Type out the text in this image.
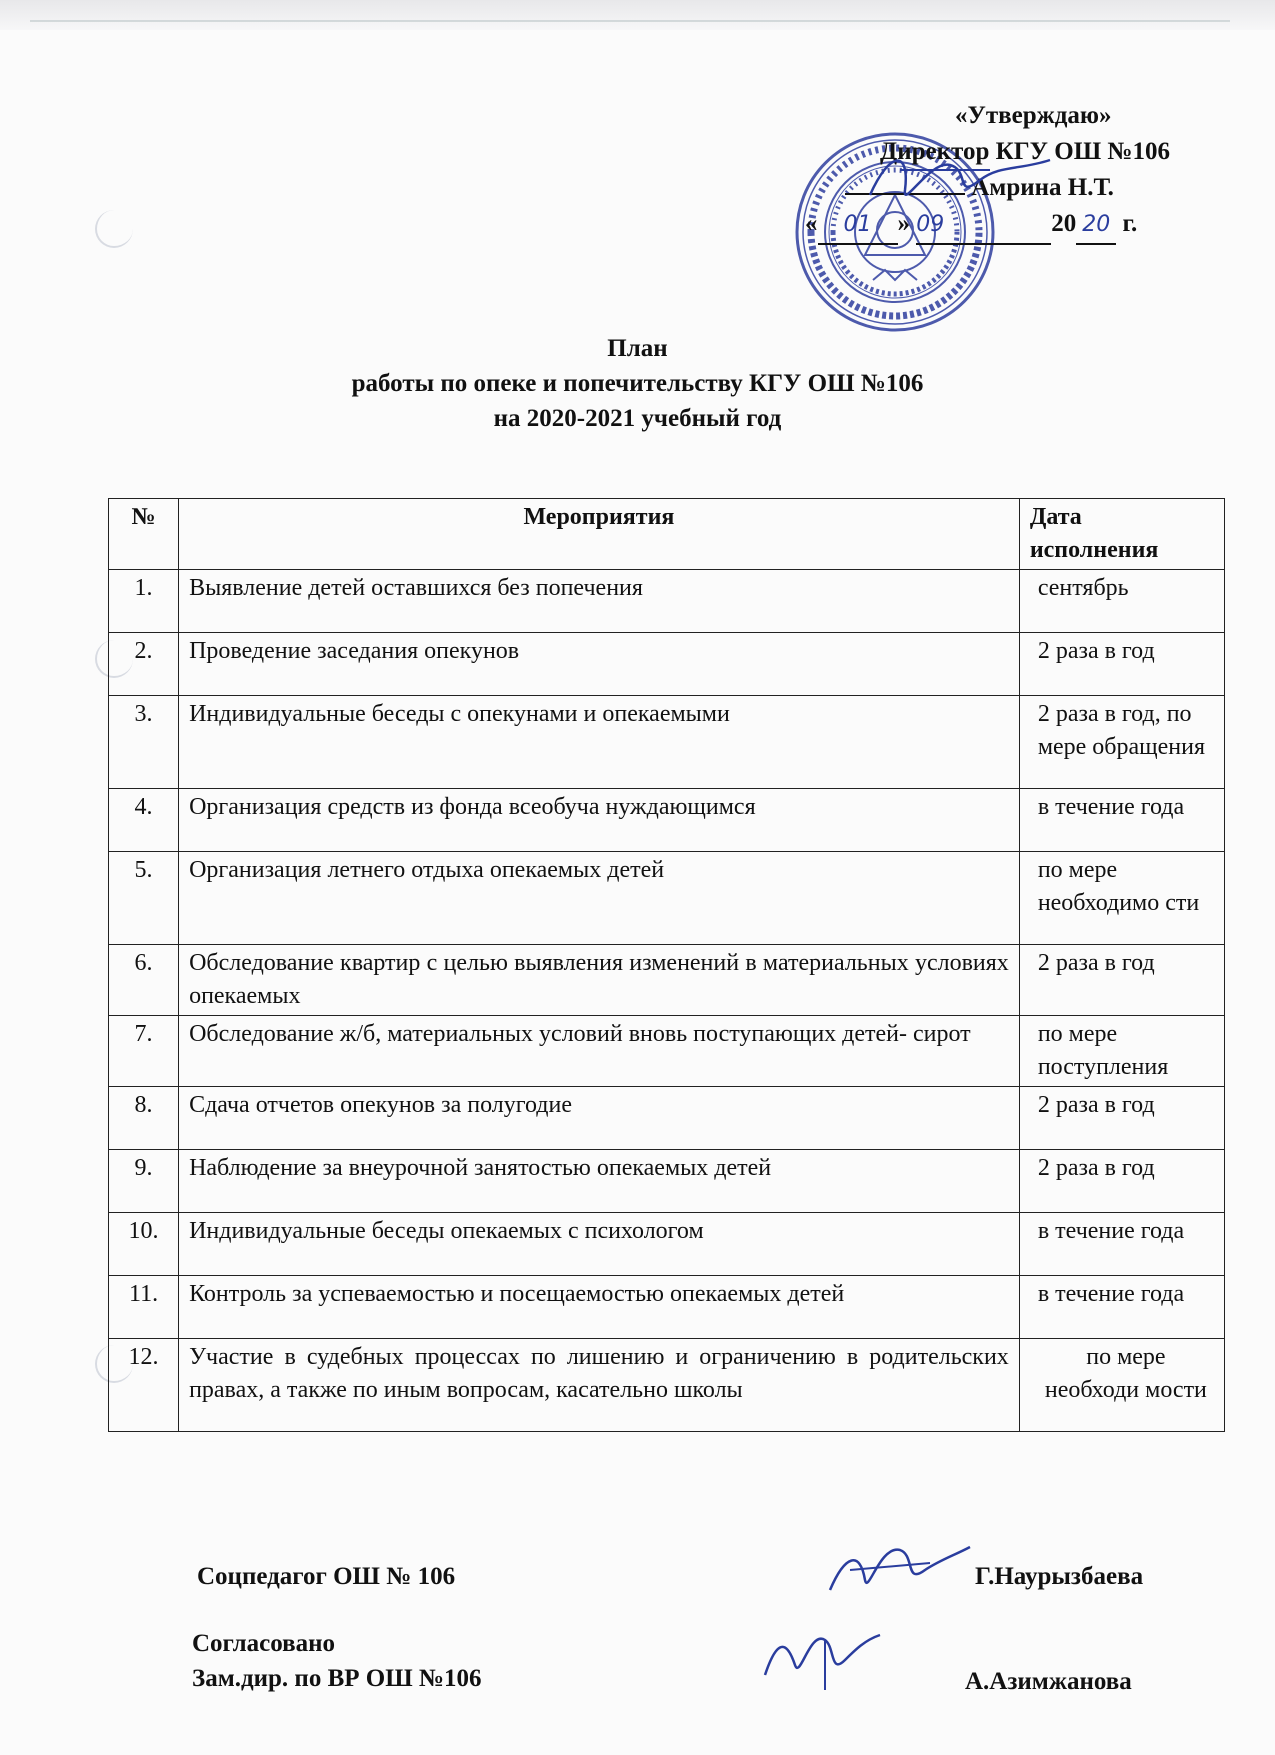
«Утверждаю»
Директор КГУ ОШ №106
Амрина Н.Т.
« 01 » 09	20 20 г.
План
работы по опеке и попечительству КГУ ОШ №106
на 2020-2021 учебный год
№	Мероприятия	Дата исполнения
1.	Выявление детей оставшихся без попечения	сентябрь
2.	Проведение заседания опекунов	2 раза в год
3.	Индивидуальные беседы с опекунами и опекаемыми	2 раза в год, по мере обращения
4.	Организация средств из фонда всеобуча нуждающимся	в течение года
5.	Организация летнего отдыха опекаемых детей	по мере необходимо сти
6.	Обследование квартир с целью выявления изменений в материальных условиях опекаемых	2 раза в год
7.	Обследование ж/б, материальных условий вновь поступающих детей- сирот	по мере поступления
8.	Сдача отчетов опекунов за полугодие	2 раза в год
9.	Наблюдение за внеурочной занятостью опекаемых детей	2 раза в год
10.	Индивидуальные беседы опекаемых с психологом	в течение года
11.	Контроль за успеваемостью и посещаемостью опекаемых детей	в течение года
12.	Участие в судебных процессах по лишению и ограничению в родительских правах, а также по иным вопросам, касательно школы	по мере необходи мости
Соцпедагог ОШ № 106	Г.Наурызбаева
Согласовано
Зам.дир. по ВР ОШ №106	А.Азимжанова
